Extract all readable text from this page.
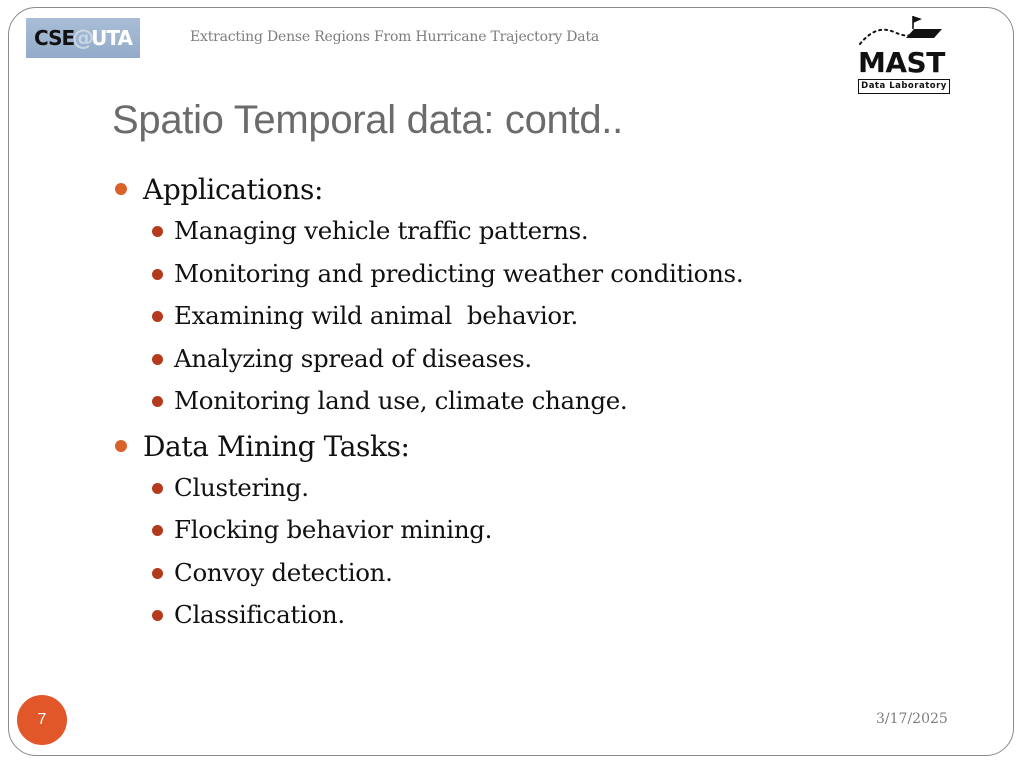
CSE
@
UTA	Extracting Dense Regions From Hurricane Trajectory Data
MAST
Data Laboratory
Spatio Temporal data: contd..
Applications:
Managing vehicle traffic patterns.
Monitoring and predicting weather conditions.
Examining wild animal  behavior.
Analyzing spread of diseases.
Monitoring land use, climate change.
Data Mining Tasks:
Clustering.
Flocking behavior mining.
Convoy detection.
Classification.
7	3/17/2025
